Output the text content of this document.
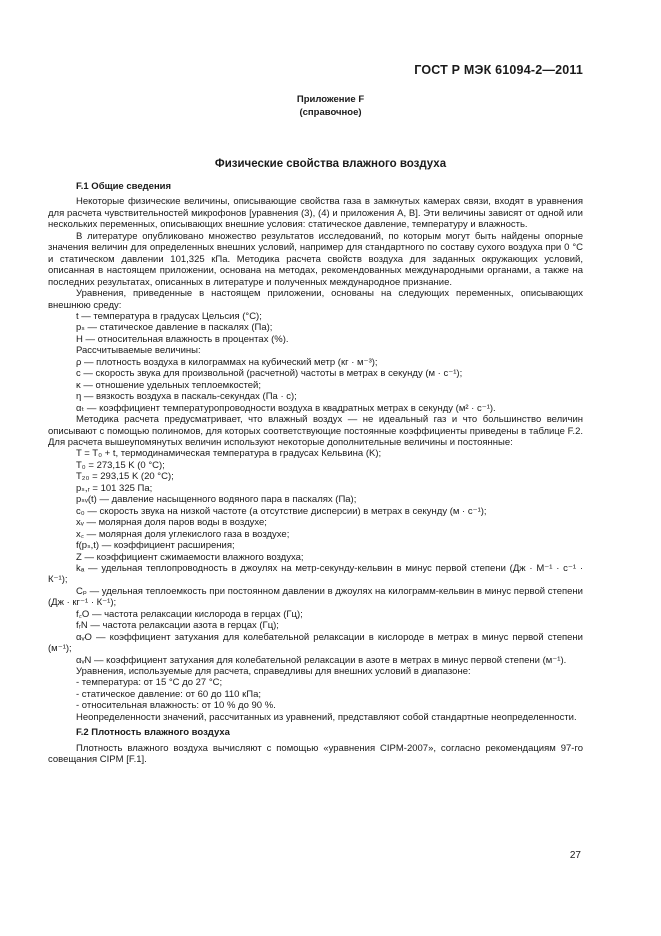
ГОСТ Р МЭК 61094-2—2011
Приложение F
(справочное)
Физические свойства влажного воздуха

F.1 Общие сведения

Некоторые физические величины, описывающие свойства газа в замкнутых камерах связи, входят в уравнения для расчета чувствительностей микрофонов [уравнения (3), (4) и приложения А, В]. Эти величины зависят от одной или нескольких переменных, описывающих внешние условия: статическое давление, температуру и влажность.

В литературе опубликовано множество результатов исследований, по которым могут быть найдены опорные значения величин для определенных внешних условий, например для стандартного по составу сухого воздуха при 0 °С и статическом давлении 101,325 кПа. Методика расчета свойств воздуха для заданных окружающих условий, описанная в настоящем приложении, основана на методах, рекомендованных международными органами, а также на последних результатах, описанных в литературе и полученных международное признание.

Уравнения, приведенные в настоящем приложении, основаны на следующих переменных, описывающих внешнюю среду:

t — температура в градусах Цельсия (°С);

pₛ — статическое давление в паскалях (Па);

H — относительная влажность в процентах (%).

Рассчитываемые величины:

ρ — плотность воздуха в килограммах на кубический метр (кг · м⁻³);

c — скорость звука для произвольной (расчетной) частоты в метрах в секунду (м · с⁻¹);

κ — отношение удельных теплоемкостей;

η — вязкость воздуха в паскаль-секундах (Па · с);

αₜ — коэффициент температуропроводности воздуха в квадратных метрах в секунду (м² · с⁻¹).

Методика расчета предусматривает, что влажный воздух — не идеальный газ и что большинство величин описывают с помощью полиномов, для которых соответствующие постоянные коэффициенты приведены в таблице F.2. Для расчета вышеупомянутых величин используют некоторые дополнительные величины и постоянные:

T = T₀ + t, термодинамическая температура в градусах Кельвина (K);

T₀ = 273,15 K (0 °C);

T₂₀ = 293,15 K (20 °C);

pₛ,ᵣ = 101 325 Па;

pₛᵥ(t) — давление насыщенного водяного пара в паскалях (Па);

c₀ — скорость звука на низкой частоте (а отсутствие дисперсии) в метрах в секунду (м · с⁻¹);

xᵥ — молярная доля паров воды в воздухе;

x꜀ — молярная доля углекислого газа в воздухе;

f(pₛ,t) — коэффициент расширения;

Z — коэффициент сжимаемости влажного воздуха;

kₐ — удельная теплопроводность в джоулях на метр-секунду-кельвин в минус первой степени (Дж · М⁻¹ · с⁻¹ · К⁻¹);

Cₚ — удельная теплоемкость при постоянном давлении в джоулях на килограмм-кельвин в минус первой степени (Дж · кг⁻¹ · К⁻¹);

f꜀O — частота релаксации кислорода в герцах (Гц);

fᵣN — частота релаксации азота в герцах (Гц);

αᵥO — коэффициент затухания для колебательной релаксации в кислороде в метрах в минус первой степени (м⁻¹);

αᵥN — коэффициент затухания для колебательной релаксации в азоте в метрах в минус первой степени (м⁻¹).

Уравнения, используемые для расчета, справедливы для внешних условий в диапазоне:

- температура: от 15 °С до 27 °С;

- статическое давление: от 60 до 110 кПа;

- относительная влажность: от 10 % до 90 %.

Неопределенности значений, рассчитанных из уравнений, представляют собой стандартные неопределенности.

F.2 Плотность влажного воздуха

Плотность влажного воздуха вычисляют с помощью «уравнения CIPM-2007», согласно рекомендациям 97-го совещания CIPM [F.1].

27
